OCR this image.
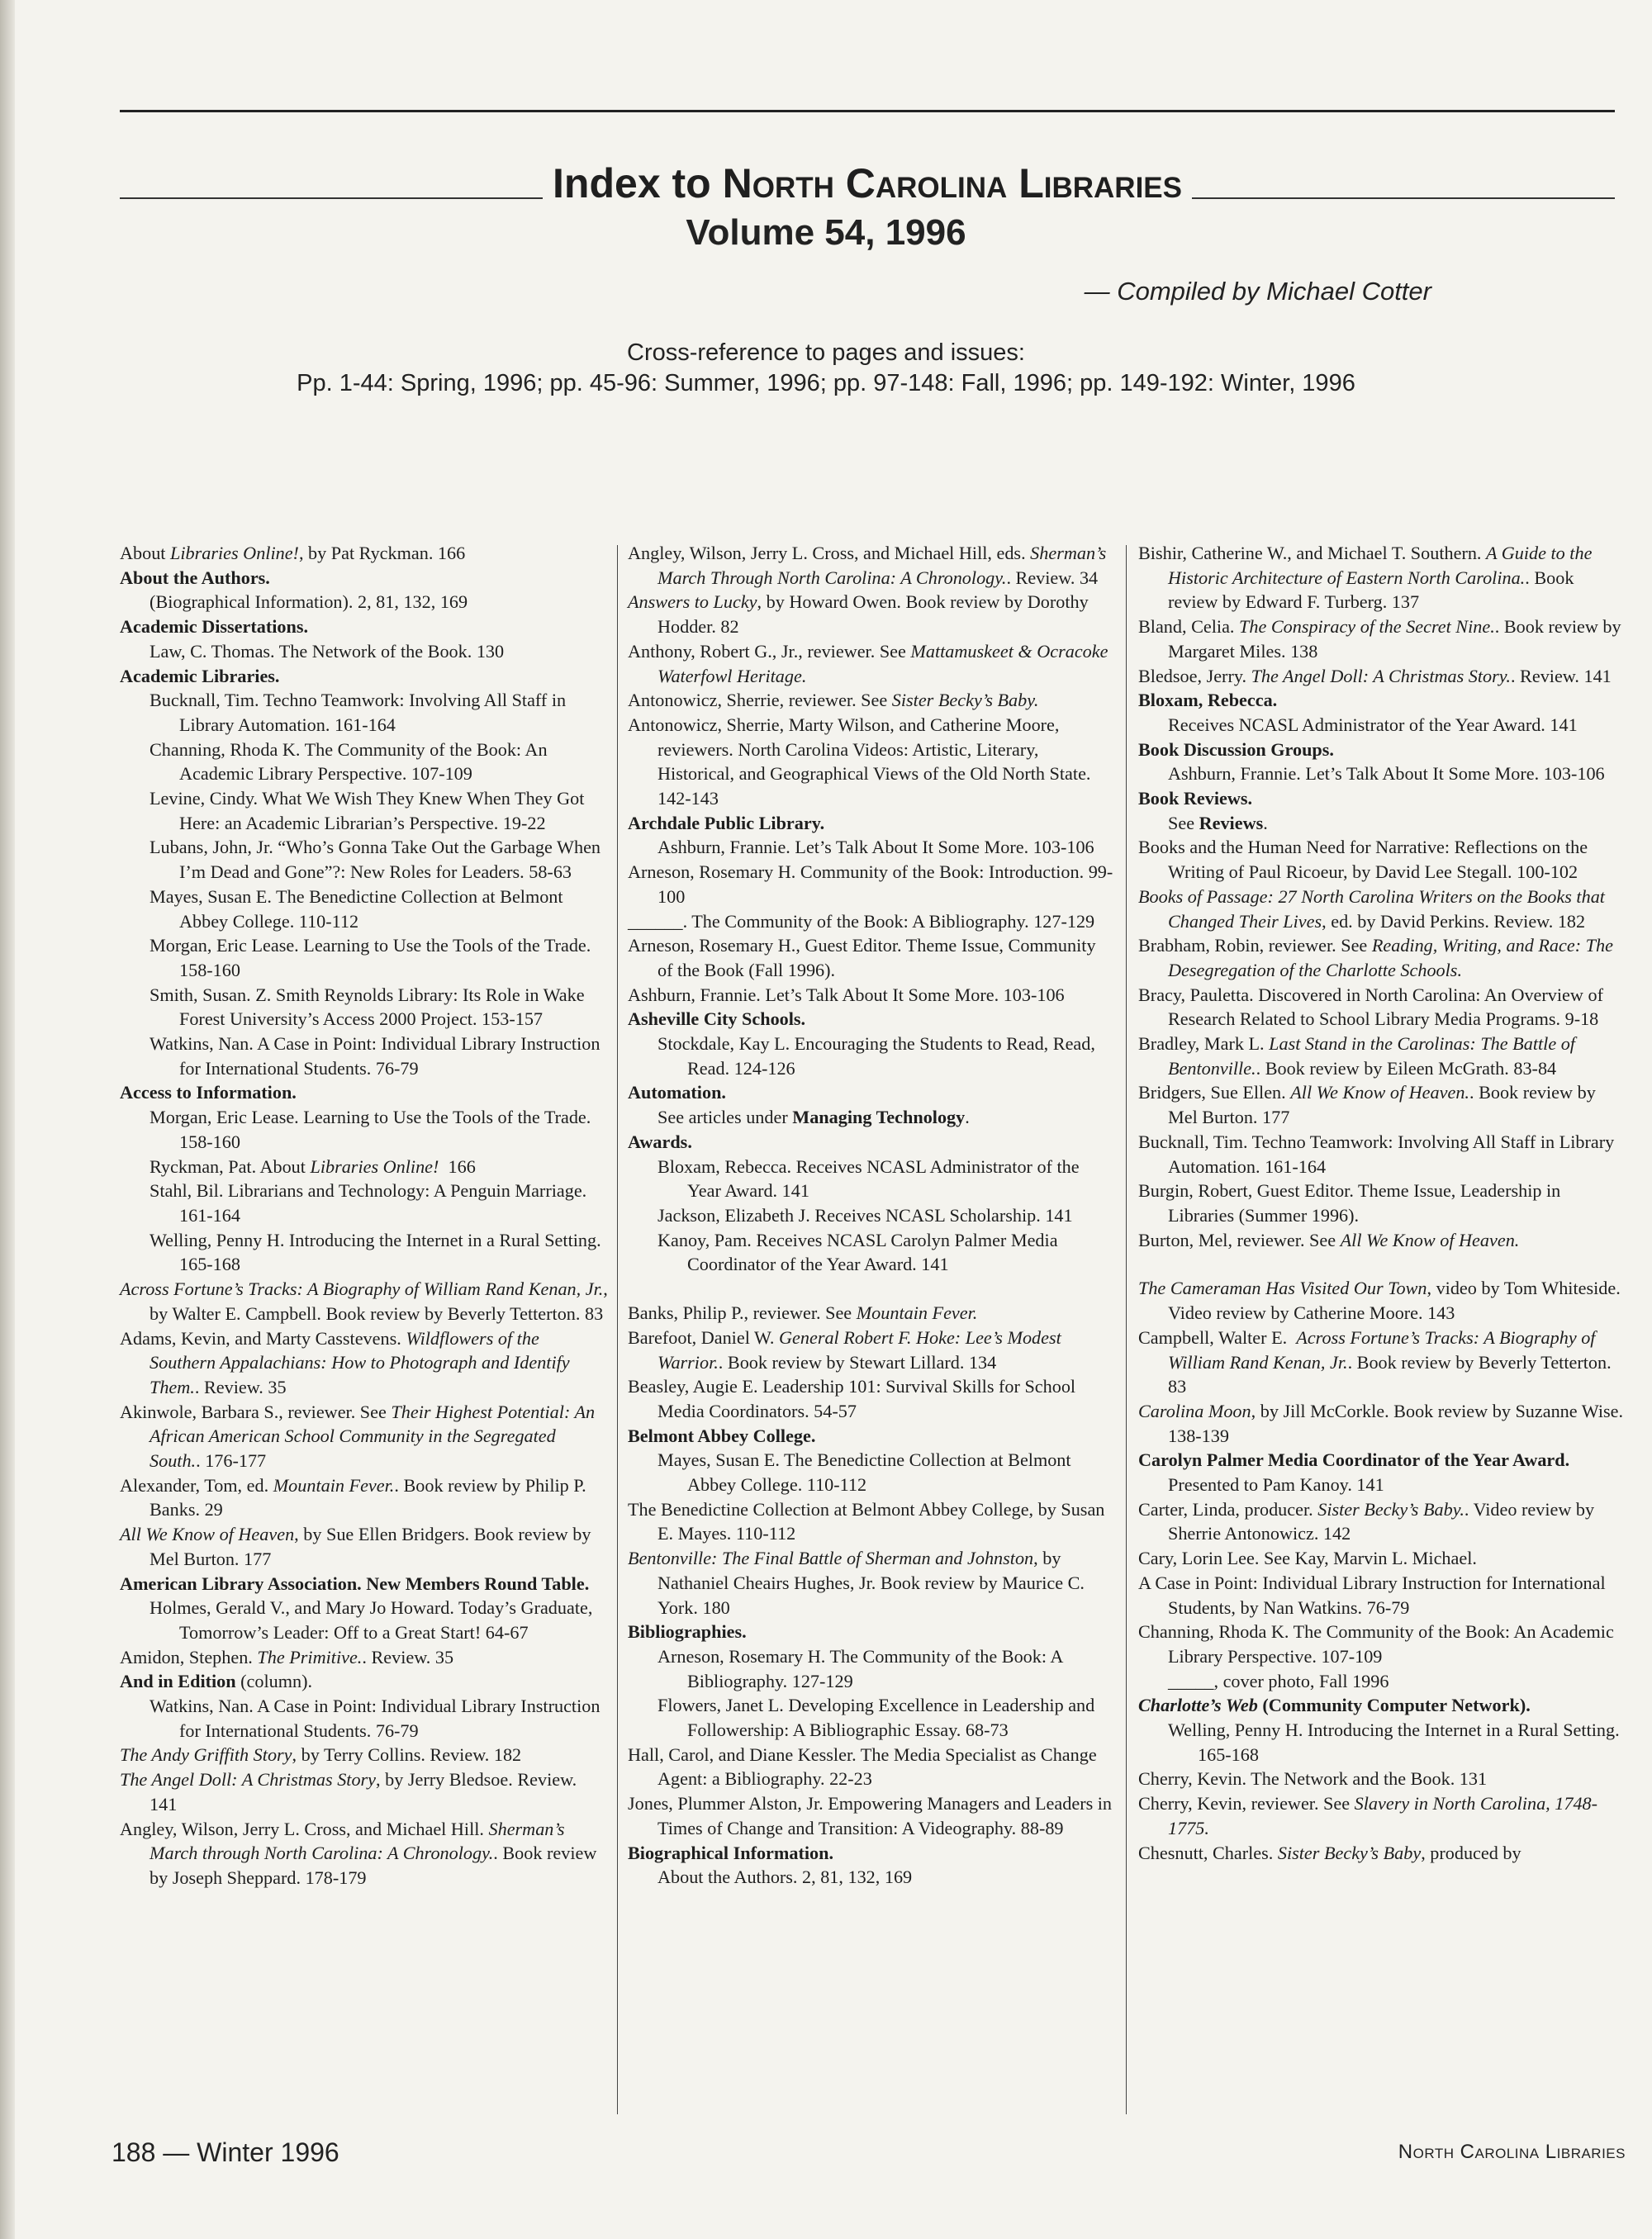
Index to North Carolina Libraries
Volume 54, 1996
— Compiled by Michael Cotter
Cross-reference to pages and issues:
Pp. 1-44: Spring, 1996; pp. 45-96: Summer, 1996; pp. 97-148: Fall, 1996; pp. 149-192: Winter, 1996
About Libraries Online!, by Pat Ryckman. 166
About the Authors.
(Biographical Information). 2, 81, 132, 169
Academic Dissertations.
Law, C. Thomas. The Network of the Book. 130
Academic Libraries.
Bucknall, Tim. Techno Teamwork: Involving All Staff in Library Automation. 161-164
Channing, Rhoda K. The Community of the Book: An Academic Library Perspective. 107-109
Levine, Cindy. What We Wish They Knew When They Got Here: an Academic Librarian’s Perspective. 19-22
Lubans, John, Jr. “Who’s Gonna Take Out the Garbage When I’m Dead and Gone”?: New Roles for Leaders. 58-63
Mayes, Susan E. The Benedictine Collection at Belmont Abbey College. 110-112
Morgan, Eric Lease. Learning to Use the Tools of the Trade. 158-160
Smith, Susan. Z. Smith Reynolds Library: Its Role in Wake Forest University’s Access 2000 Project. 153-157
Watkins, Nan. A Case in Point: Individual Library Instruction for International Students. 76-79
Access to Information.
Morgan, Eric Lease. Learning to Use the Tools of the Trade. 158-160
Ryckman, Pat. About Libraries Online!  166
Stahl, Bil. Librarians and Technology: A Penguin Marriage. 161-164
Welling, Penny H. Introducing the Internet in a Rural Setting. 165-168
Across Fortune’s Tracks: A Biography of William Rand Kenan, Jr., by Walter E. Campbell. Book review by Beverly Tetterton. 83
Adams, Kevin, and Marty Casstevens. Wildflowers of the Southern Appalachians: How to Photograph and Identify Them.. Review. 35
Akinwole, Barbara S., reviewer. See Their Highest Potential: An African American School Community in the Segregated South.. 176-177
Alexander, Tom, ed. Mountain Fever.. Book review by Philip P. Banks. 29
All We Know of Heaven, by Sue Ellen Bridgers. Book review by Mel Burton. 177
American Library Association. New Members Round Table.
Holmes, Gerald V., and Mary Jo Howard. Today’s Graduate, Tomorrow’s Leader: Off to a Great Start! 64-67
Amidon, Stephen. The Primitive.. Review. 35
And in Edition (column).
Watkins, Nan. A Case in Point: Individual Library Instruction for International Students. 76-79
The Andy Griffith Story, by Terry Collins. Review. 182
The Angel Doll: A Christmas Story, by Jerry Bledsoe. Review. 141
Angley, Wilson, Jerry L. Cross, and Michael Hill. Sherman’s March through North Carolina: A Chronology.. Book review by Joseph Sheppard. 178-179
Angley, Wilson, Jerry L. Cross, and Michael Hill, eds. Sherman’s March Through North Carolina: A Chronology.. Review. 34
Answers to Lucky, by Howard Owen. Book review by Dorothy Hodder. 82
Anthony, Robert G., Jr., reviewer. See Mattamuskeet & Ocracoke Waterfowl Heritage.
Antonowicz, Sherrie, reviewer. See Sister Becky’s Baby.
Antonowicz, Sherrie, Marty Wilson, and Catherine Moore, reviewers. North Carolina Videos: Artistic, Literary, Historical, and Geographical Views of the Old North State. 142-143
Archdale Public Library.
Ashburn, Frannie. Let’s Talk About It Some More. 103-106
Arneson, Rosemary H. Community of the Book: Introduction. 99-100
______. The Community of the Book: A Bibliography. 127-129
Arneson, Rosemary H., Guest Editor. Theme Issue, Community of the Book (Fall 1996).
Ashburn, Frannie. Let’s Talk About It Some More. 103-106
Asheville City Schools.
Stockdale, Kay L. Encouraging the Students to Read, Read, Read. 124-126
Automation.
See articles under Managing Technology.
Awards.
Bloxam, Rebecca. Receives NCASL Administrator of the Year Award. 141
Jackson, Elizabeth J. Receives NCASL Scholarship. 141
Kanoy, Pam. Receives NCASL Carolyn Palmer Media Coordinator of the Year Award. 141
Banks, Philip P., reviewer. See Mountain Fever.
Barefoot, Daniel W. General Robert F. Hoke: Lee’s Modest Warrior.. Book review by Stewart Lillard. 134
Beasley, Augie E. Leadership 101: Survival Skills for School Media Coordinators. 54-57
Belmont Abbey College.
Mayes, Susan E. The Benedictine Collection at Belmont Abbey College. 110-112
The Benedictine Collection at Belmont Abbey College, by Susan E. Mayes. 110-112
Bentonville: The Final Battle of Sherman and Johnston, by Nathaniel Cheairs Hughes, Jr. Book review by Maurice C. York. 180
Bibliographies.
Arneson, Rosemary H. The Community of the Book: A Bibliography. 127-129
Flowers, Janet L. Developing Excellence in Leadership and Followership: A Bibliographic Essay. 68-73
Hall, Carol, and Diane Kessler. The Media Specialist as Change Agent: a Bibliography. 22-23
Jones, Plummer Alston, Jr. Empowering Managers and Leaders in Times of Change and Transition: A Videography. 88-89
Biographical Information.
About the Authors. 2, 81, 132, 169
Bishir, Catherine W., and Michael T. Southern. A Guide to the Historic Architecture of Eastern North Carolina.. Book review by Edward F. Turberg. 137
Bland, Celia. The Conspiracy of the Secret Nine.. Book review by Margaret Miles. 138
Bledsoe, Jerry. The Angel Doll: A Christmas Story.. Review. 141
Bloxam, Rebecca.
Receives NCASL Administrator of the Year Award. 141
Book Discussion Groups.
Ashburn, Frannie. Let’s Talk About It Some More. 103-106
Book Reviews.
See Reviews.
Books and the Human Need for Narrative: Reflections on the Writing of Paul Ricoeur, by David Lee Stegall. 100-102
Books of Passage: 27 North Carolina Writers on the Books that Changed Their Lives, ed. by David Perkins. Review. 182
Brabham, Robin, reviewer. See Reading, Writing, and Race: The Desegregation of the Charlotte Schools.
Bracy, Pauletta. Discovered in North Carolina: An Overview of Research Related to School Library Media Programs. 9-18
Bradley, Mark L. Last Stand in the Carolinas: The Battle of Bentonville.. Book review by Eileen McGrath. 83-84
Bridgers, Sue Ellen. All We Know of Heaven.. Book review by Mel Burton. 177
Bucknall, Tim. Techno Teamwork: Involving All Staff in Library Automation. 161-164
Burgin, Robert, Guest Editor. Theme Issue, Leadership in Libraries (Summer 1996).
Burton, Mel, reviewer. See All We Know of Heaven.
The Cameraman Has Visited Our Town, video by Tom Whiteside. Video review by Catherine Moore. 143
Campbell, Walter E.  Across Fortune’s Tracks: A Biography of William Rand Kenan, Jr.. Book review by Beverly Tetterton.  83
Carolina Moon, by Jill McCorkle. Book review by Suzanne Wise. 138-139
Carolyn Palmer Media Coordinator of the Year Award.
Presented to Pam Kanoy. 141
Carter, Linda, producer. Sister Becky’s Baby.. Video review by Sherrie Antonowicz. 142
Cary, Lorin Lee. See Kay, Marvin L. Michael.
A Case in Point: Individual Library Instruction for International Students, by Nan Watkins. 76-79
Channing, Rhoda K. The Community of the Book: An Academic Library Perspective. 107-109
_____, cover photo, Fall 1996
Charlotte’s Web (Community Computer Network).
Welling, Penny H. Introducing the Internet in a Rural Setting. 165-168
Cherry, Kevin. The Network and the Book. 131
Cherry, Kevin, reviewer. See Slavery in North Carolina, 1748-1775.
Chesnutt, Charles. Sister Becky’s Baby, produced by
188 — Winter 1996	North Carolina Libraries
